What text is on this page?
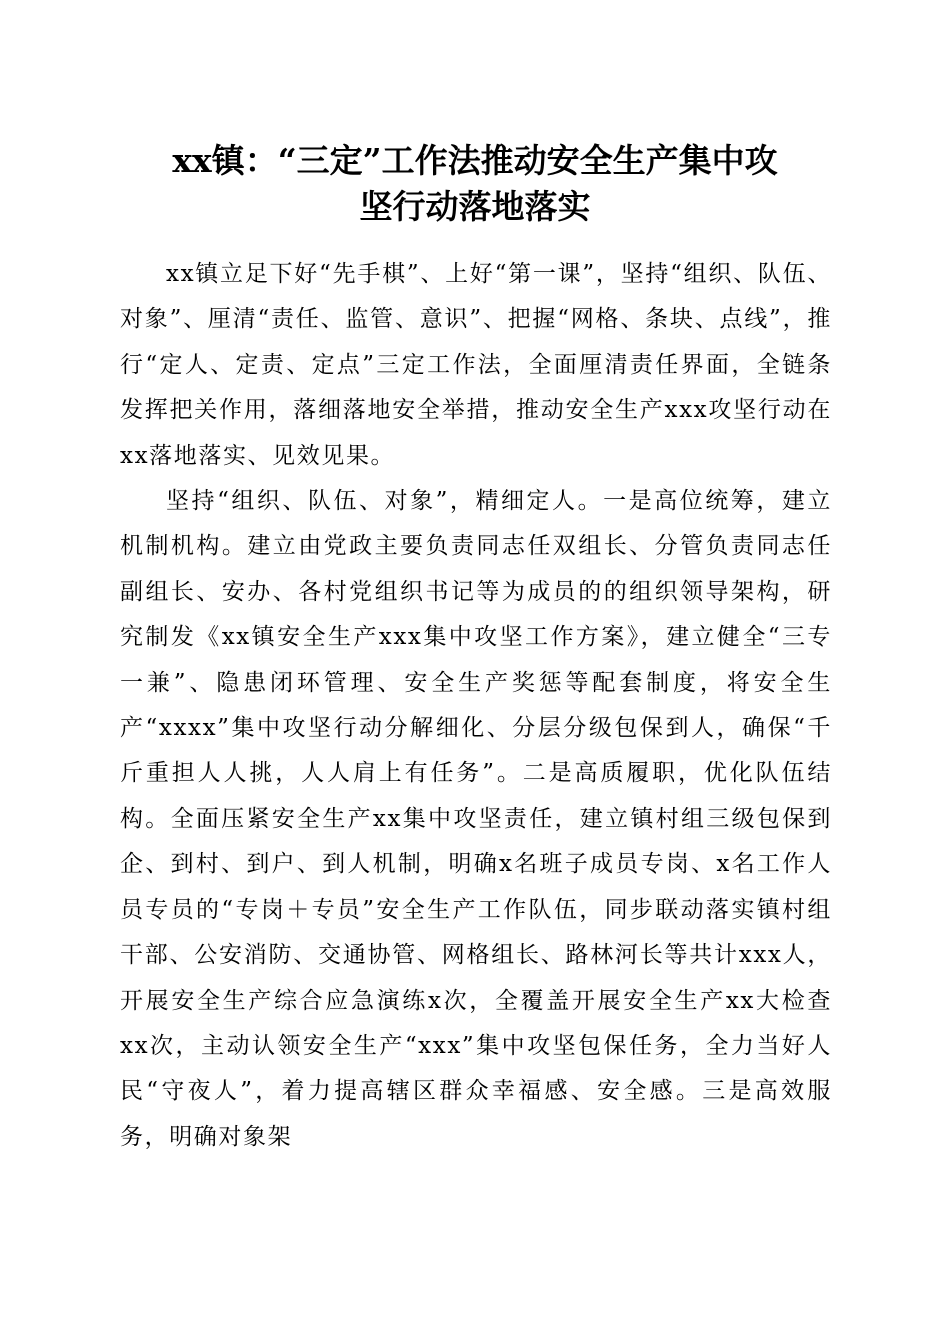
xx镇：“三定”工作法推动安全生产集中攻
坚行动落地落实

xx镇立足下好“先手棋”、上好“第一课”，坚持“组织、队伍、对象”、厘清“责任、监管、意识”、把握“网格、条块、点线”，推行“定人、定责、定点”三定工作法，全面厘清责任界面，全链条发挥把关作用，落细落地安全举措，推动安全生产xxx攻坚行动在xx落地落实、见效见果。

坚持“组织、队伍、对象”，精细定人。一是高位统筹，建立机制机构。建立由党政主要负责同志任双组长、分管负责同志任副组长、安办、各村党组织书记等为成员的的组织领导架构，研究制发《xx镇安全生产xxx集中攻坚工作方案》，建立健全“三专一兼”、隐患闭环管理、安全生产奖惩等配套制度，将安全生产“xxxx”集中攻坚行动分解细化、分层分级包保到人，确保“千斤重担人人挑，人人肩上有任务”。二是高质履职，优化队伍结构。全面压紧安全生产xx集中攻坚责任，建立镇村组三级包保到企、到村、到户、到人机制，明确x名班子成员专岗、x名工作人员专员的“专岗＋专员”安全生产工作队伍，同步联动落实镇村组干部、公安消防、交通协管、网格组长、路林河长等共计xxx人，开展安全生产综合应急演练x次，全覆盖开展安全生产xx大检查xx次，主动认领安全生产“xxx”集中攻坚包保任务，全力当好人民“守夜人”，着力提高辖区群众幸福感、安全感。三是高效服务，明确对象架
